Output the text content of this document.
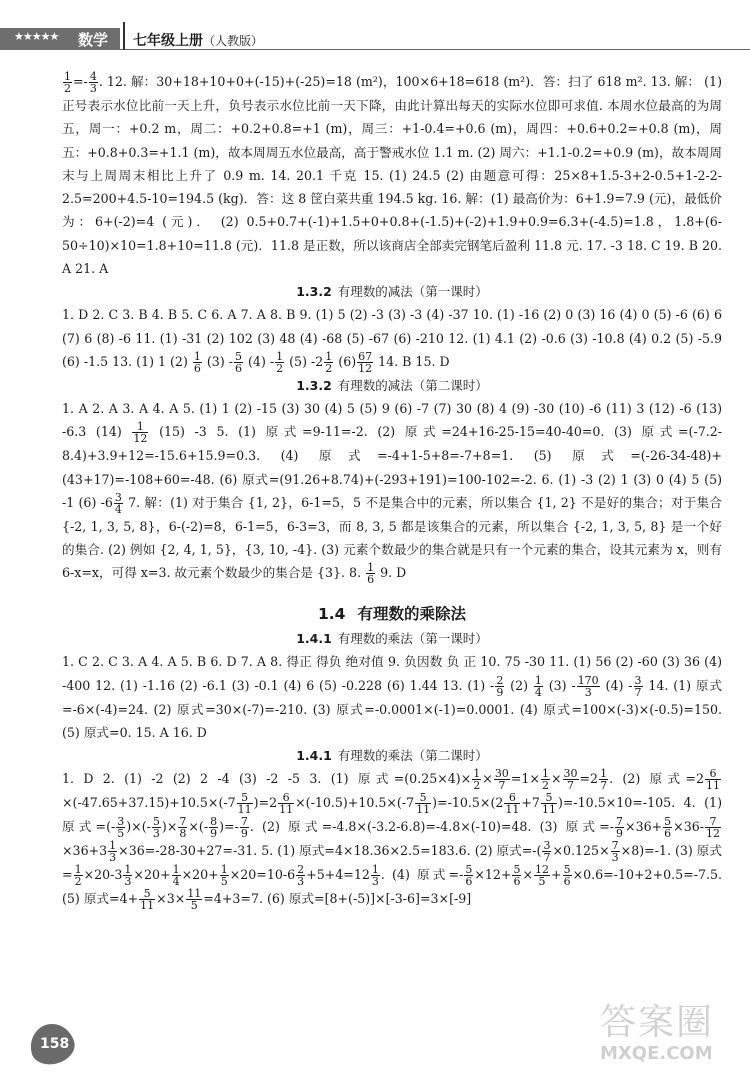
★★★★★ 数学 七年级上册（人教版）
$\frac{1}{2} =- \frac{4}{3}$ . 12. 解：30+18+10+0+(-15)+(-25)=18 (m²)，100×6+18=618 (m²)．答：扫了 618 m². 13. 解： (1) 正号表示水位比前一天上升，负号表示水位比前一天下降，由此计算出每天的实际水位即可求值. 本周水位最高的为周五，周一：+0.2 m，周二：+0.2+0.8=+1 (m)，周三：+1-0.4=+0.6 (m)，周四：+0.6+0.2=+0.8 (m)，周五：+0.8+0.3=+1.1 (m)，故本周周五水位最高，高于警戒水位 1.1 m. (2) 周六：+1.1-0.2=+0.9 (m)，故本周周末与上周周末相比上升了 0.9 m. 14. 20.1 千克 15. (1) 24.5 (2) 由题意可得：25×8+1.5-3+2-0.5+1-2-2-2.5=200+4.5-10=194.5 (kg)．答：这 8 筐白菜共重 194.5 kg. 16. 解：(1) 最高价为：6+1.9=7.9 (元)，最低价为：6+(-2)=4 (元)． (2) 0.5+0.7+(-1)+1.5+0+0.8+(-1.5)+(-2)+1.9+0.9=6.3+(-4.5)=1.8，1.8+(6-50÷10)×10=1.8+10=11.8 (元)．11.8 是正数，所以该商店全部卖完钢笔后盈利 11.8 元. 17. -3 18. C 19. B 20. A 21. A
1.3.2 有理数的减法（第一课时）
1. D 2. C 3. B 4. B 5. C 6. A 7. A 8. B 9. (1) 5 (2) -3 (3) -3 (4) -37 10. (1) -16 (2) 0 (3) 16 (4) 0 (5) -6 (6) 6 (7) 6 (8) -6 11. (1) -31 (2) 102 (3) 48 (4) -68 (5) -67 (6) -210 12. (1) 4.1 (2) -0.6 (3) -10.8 (4) 0.2 (5) -5.9 (6) -1.5 13. (1) 1 $(2) \frac{1}{6} (3) - \frac{5}{6} (4) - \frac{1}{2} (5)$ $-2 \frac{1}{2} (6) \frac{67}{12} 14$. B 15. D
1.3.2 有理数的减法（第二课时）
1. A 2. A 3. A 4. A 5. (1) 1 (2) -15 (3) 30 (4) 5 (5) 9 (6) -7 (7) 30 (8) 4 (9) -30 (10) -6 (11) 3 (12) -6 (13) -6.3 $(14) \frac{1}{12} (15)$ -3 5. (1) 原式=9-11=-2. (2) 原式=24+16-25-15=40-40=0. (3) 原式=(-7.2-8.4)+3.9+12=-15.6+15.9=0.3. (4) 原式=-4+1-5+8=-7+8=1. (5) 原式=(-26-34-48)+(43+17)=-108+60=-48. (6) 原式=(91.26+8.74)+(-293+191)=100-102=-2. 6. (1) -3 (2) 1 (3) 0 (4) 5 (5) -1 (6) $-6 \frac{3}{4} 7$. 解：(1) 对于集合 {1, 2}，6-1=5，5 不是集合中的元素，所以集合 {1, 2} 不是好的集合；对于集合 {-2, 1, 3, 5, 8}，6-(-2)=8，6-1=5，6-3=3，而 8, 3, 5 都是该集合的元素，所以集合 {-2, 1, 3, 5, 8} 是一个好的集合. (2) 例如 {2, 4, 1, 5}，{3, 10, -4}. (3) 元素个数最少的集合就是只有一个元素的集合，设其元素为 x，则有 6-x=x，可得 x=3. 故元素个数最少的集合是 {3}. 8. $\frac{1}{6} 9$. D
1.4 有理数的乘除法
1.4.1 有理数的乘法（第一课时）
1. C 2. C 3. A 4. A 5. B 6. D 7. A 8. 得正 得负 绝对值 9. 负因数 负 正 10. 75 -30 11. (1) 56 (2) -60 (3) 36 (4) -400 12. (1) -1.16 (2) -6.1 (3) -0.1 (4) 6 (5) -0.228 (6) 1.44 13. $(1) - \frac{2}{9} (2) \frac{1}{4} (3) - \frac{170}{3} (4) - \frac{3}{7} 14$. (1) 原式=-6×(-4)=24. (2) 原式=30×(-7)=-210. (3) 原式=-0.0001×(-1)=0.0001. (4) 原式=100×(-3)×(-0.5)=150. (5) 原式=0. 15. A 16. D
1.4.1 有理数的乘法（第二课时）
1. D 2. (1) -2 (2) 2 -4 (3) -2 -5 3. (1) 原式$=(0.25\times 4)\times \frac{1}{2} \times \frac{30}{7} =1\times \frac{1}{2} \times \frac{30}{7} =2 \frac{1}{7}$ . (2) 原式$=2 \frac{6}{11}$
$\times(-47.65+37.15)+10.5\times(-7 \frac{5}{11} )=2 \frac{6}{11} \times(-10.5)+10.5\times(-7 \frac{5}{11} )=-10.5\times(2 \frac{6}{11} +7 \frac{5}{11} )=-10.5\times 10=-105$. 4. (1) 原式=(- $\frac{3}{5}$ )×(- $\frac{5}{3}$ )× $\frac{7}{8}$ ×(- $\frac{8}{9}$ )=- $\frac{7}{9}$ . (2) 原式=-4.8×(-3.2-6.8)=-4.8×(-10)=48. (3) 原式=- $\frac{7}{9} \times 36+ \frac{5}{6} \times 36- \frac{7}{12}$
$\times 36+3 \frac{1}{3} \times 36=-28-30+27=-31$. 5. (1) 原式=4×18.36×2.5=183.6. (2) 原式=-( $\frac{3}{7} \times 0.125\times \frac{7}{3} \times 8)=-1$. (3) 原式= $\frac{1}{2} \times 20-3 \frac{1}{3} \times 20+ \frac{1}{4} \times 20+ \frac{1}{5} \times 20=10-6 \frac{2}{3} +5+4=12 \frac{1}{3}$ . (4) 原式=- $\frac{5}{6} \times 12+ \frac{5}{6} \times \frac{12}{5} + \frac{5}{6} \times 0.6=-10+2+0.5=-7.5$. (5) 原式$=4+ \frac{5}{11} \times 3\times \frac{11}{5} =4+3=7$. (6) 原式=[8+(-5)]×[-3-6]=3×[-9]
158
答案圈
MXQE.COM
